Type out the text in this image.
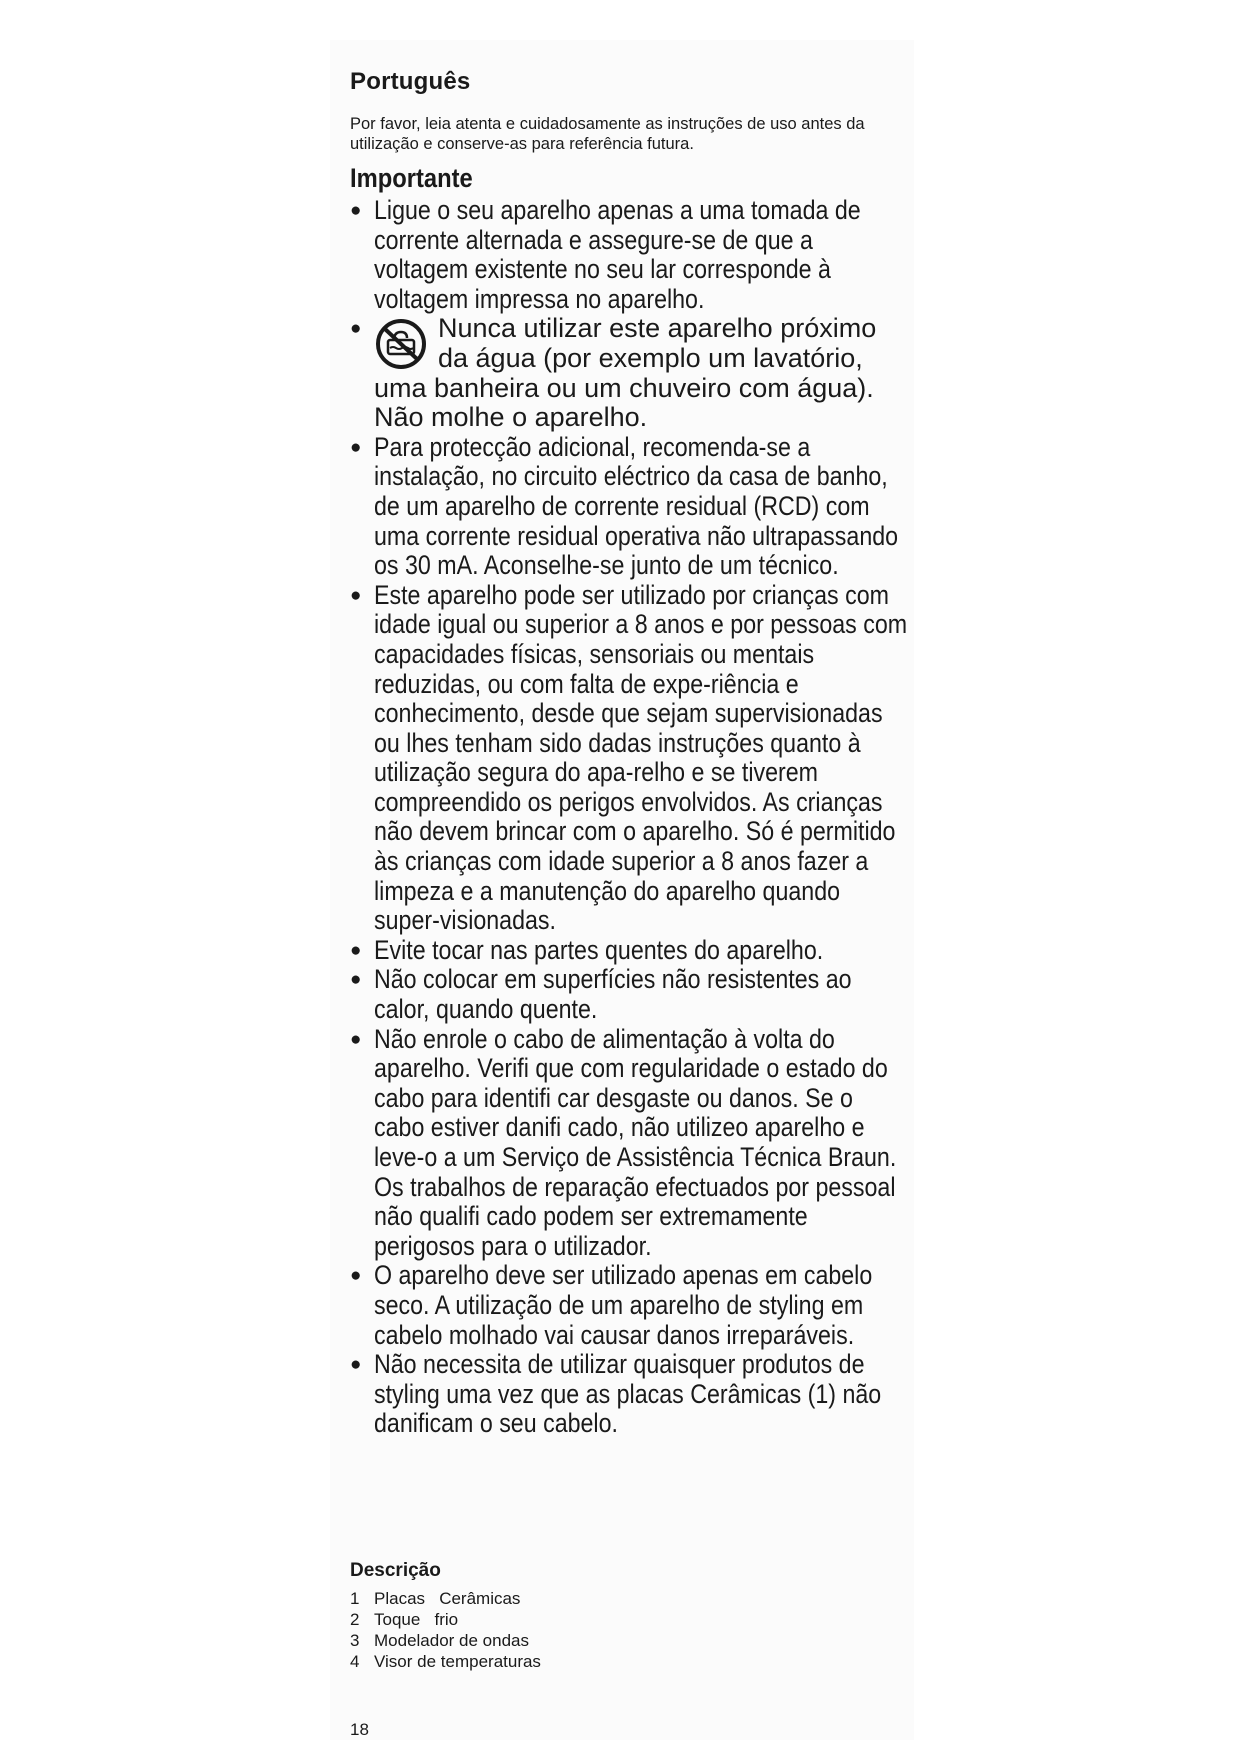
Português

Por favor, leia atenta e cuidadosamente as instruções de uso antes da utilização e conserve-as para referência futura.

Importante
● Ligue o seu aparelho apenas a uma tomada de corrente alternada e assegure-se de que a voltagem existente no seu lar corresponde à voltagem impressa no aparelho.
● Nunca utilizar este aparelho próximo da água (por exemplo um lavatório, uma banheira ou um chuveiro com água). Não molhe o aparelho.
● Para protecção adicional, recomenda-se a instalação, no circuito eléctrico da casa de banho, de um aparelho de corrente residual (RCD) com uma corrente residual operativa não ultrapassando os 30 mA. Aconselhe-se junto de um técnico.
● Este aparelho pode ser utilizado por crianças com idade igual ou superior a 8 anos e por pessoas com capacidades físicas, sensoriais ou mentais reduzidas, ou com falta de expe-riência e conhecimento, desde que sejam supervisionadas ou lhes tenham sido dadas instruções quanto à utilização segura do apa-relho e se tiverem compreendido os perigos envolvidos. As crianças não devem brincar com o aparelho. Só é permitido às crianças com idade superior a 8 anos fazer a limpeza e a manutenção do aparelho quando super-visionadas.
● Evite tocar nas partes quentes do aparelho.
● Não colocar em superfícies não resistentes ao calor, quando quente.
● Não enrole o cabo de alimentação à volta do aparelho. Verifi que com regularidade o estado do cabo para identifi car desgaste ou danos. Se o cabo estiver danifi cado, não utilizeo aparelho e leve-o a um Serviço de Assistência Técnica Braun. Os trabalhos de reparação efectuados por pessoal não qualifi cado podem ser extremamente perigosos para o utilizador.
● O aparelho deve ser utilizado apenas em cabelo seco. A utilização de um aparelho de styling em cabelo molhado vai causar danos irreparáveis.
● Não necessita de utilizar quaisquer produtos de styling uma vez que as placas Cerâmicas (1) não danificam o seu cabelo.
Descrição
1 Placas   Cerâmicas
2 Toque   frio
3 Modelador de ondas
4 Visor de temperaturas
18
